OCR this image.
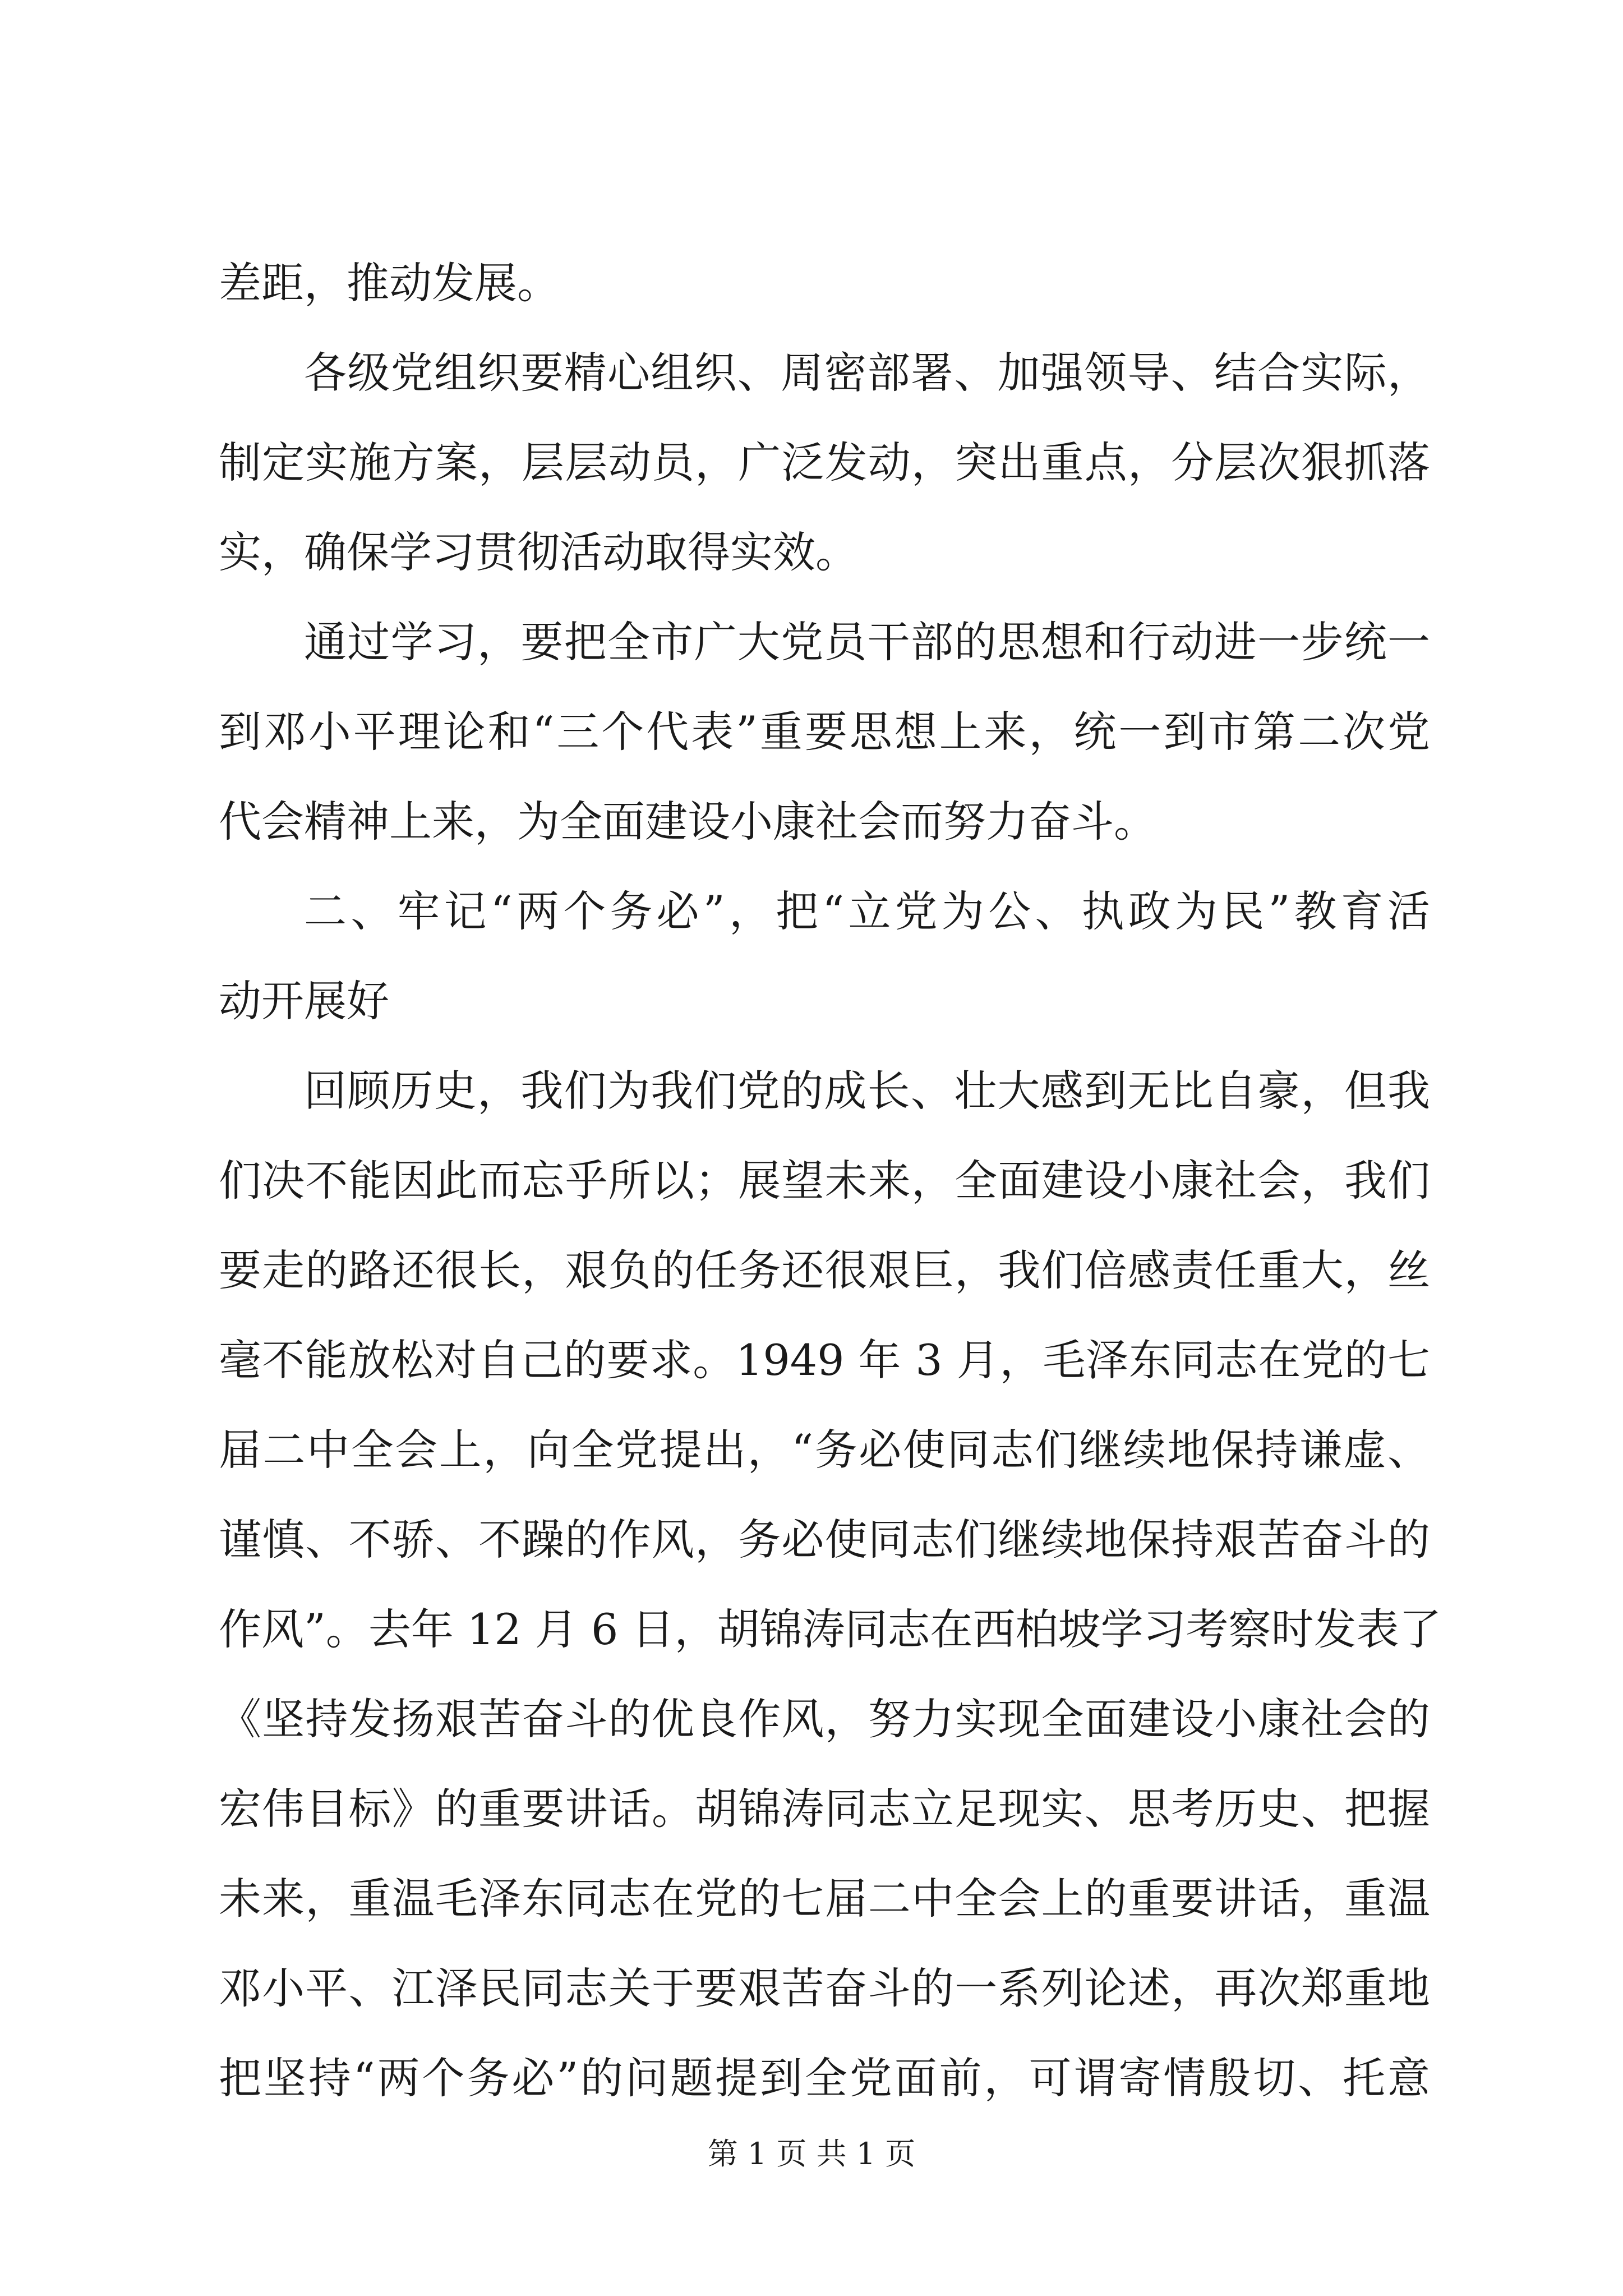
差距，推动发展。
各级党组织要精心组织、周密部署、加强领导、结合实际，
制定实施方案，层层动员，广泛发动，突出重点，分层次狠抓落
实，确保学习贯彻活动取得实效。
通过学习，要把全市广大党员干部的思想和行动进一步统一
到邓小平理论和“三个代表”重要思想上来，统一到市第二次党
代会精神上来，为全面建设小康社会而努力奋斗。
二、牢记“两个务必”，把“立党为公、执政为民”教育活
动开展好
回顾历史，我们为我们党的成长、壮大感到无比自豪，但我
们决不能因此而忘乎所以；展望未来，全面建设小康社会，我们
要走的路还很长，艰负的任务还很艰巨，我们倍感责任重大，丝
毫不能放松对自己的要求。1949 年 3 月，毛泽东同志在党的七
届二中全会上，向全党提出，“务必使同志们继续地保持谦虚、
谨慎、不骄、不躁的作风，务必使同志们继续地保持艰苦奋斗的
作风”。去年 12 月 6 日，胡锦涛同志在西柏坡学习考察时发表了
《坚持发扬艰苦奋斗的优良作风，努力实现全面建设小康社会的
宏伟目标》的重要讲话。胡锦涛同志立足现实、思考历史、把握
未来，重温毛泽东同志在党的七届二中全会上的重要讲话，重温
邓小平、江泽民同志关于要艰苦奋斗的一系列论述，再次郑重地
把坚持“两个务必”的问题提到全党面前，可谓寄情殷切、托意
第 1 页 共 1 页
